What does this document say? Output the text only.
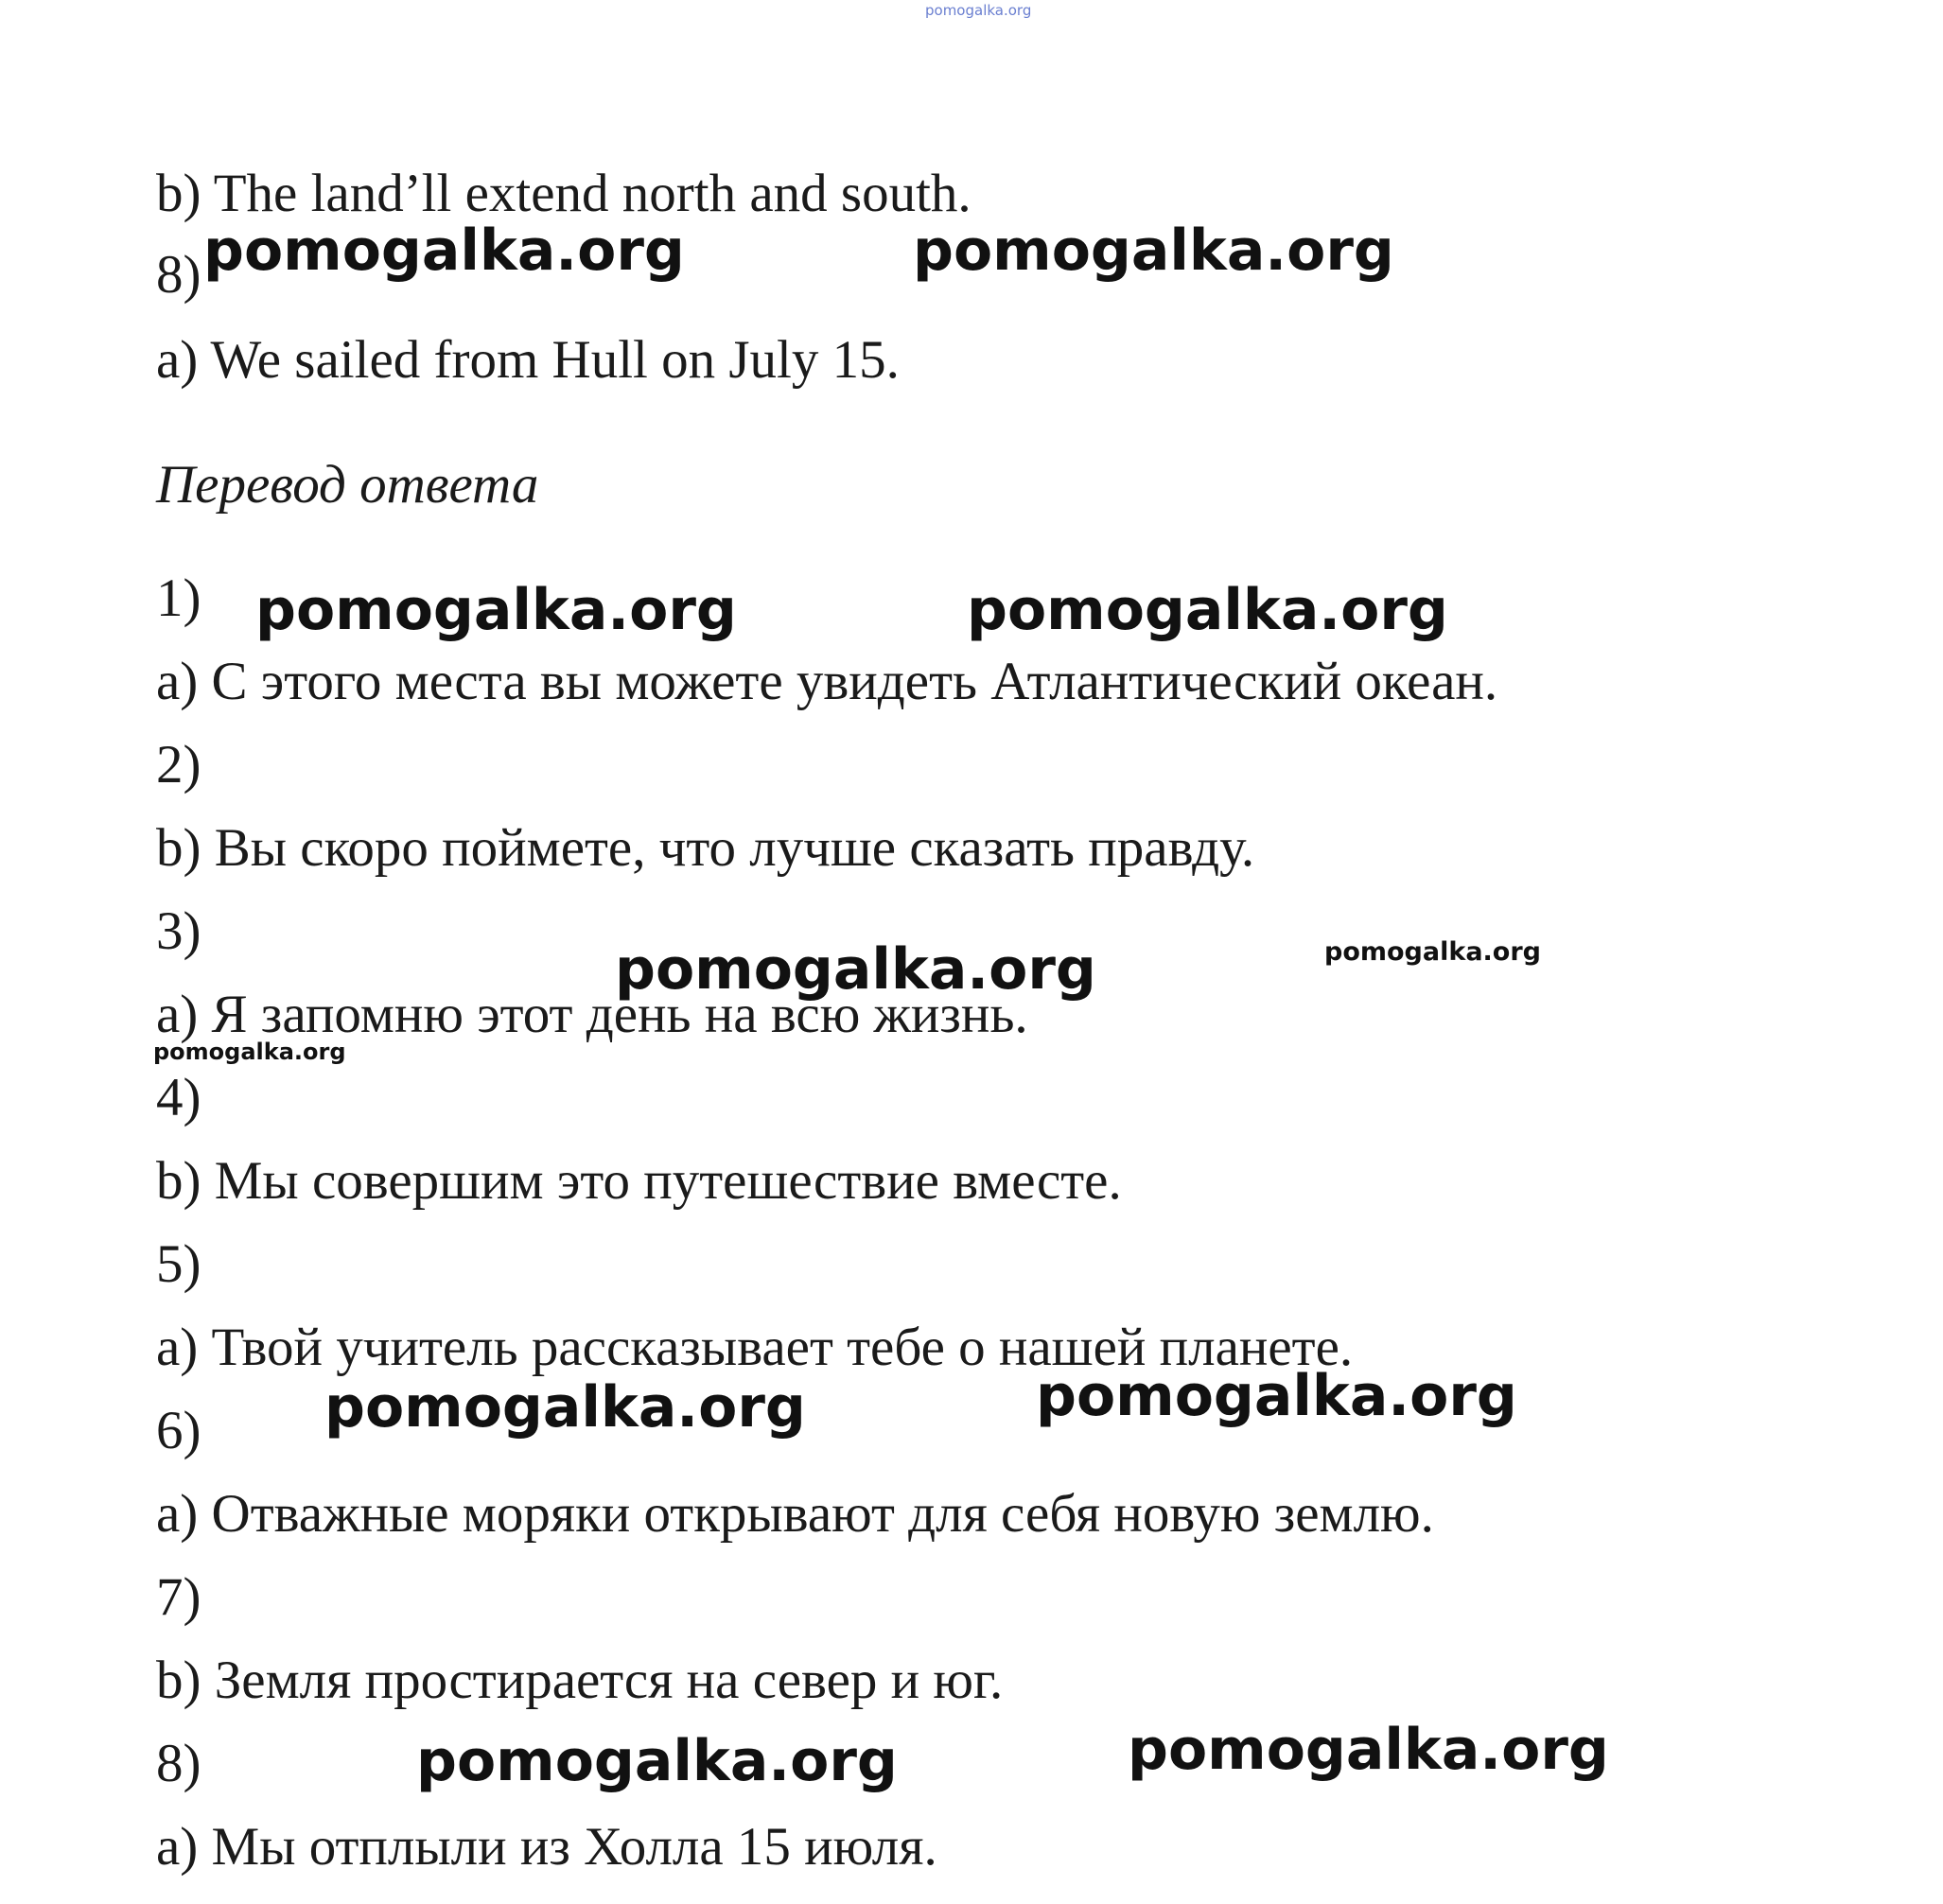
pomogalka.org
b) The land’ll extend north and south.
8)
a) We sailed from Hull on July 15.
Перевод ответа
1)
a) С этого места вы можете увидеть Атлантический океан.
2)
b) Вы скоро поймете, что лучше сказать правду.
3)
a) Я запомню этот день на всю жизнь.
4)
b) Мы совершим это путешествие вместе.
5)
a) Твой учитель рассказывает тебе о нашей планете.
6)
a) Отважные моряки открывают для себя новую землю.
7)
b) Земля простирается на север и юг.
8)
a) Мы отплыли из Холла 15 июля.
pomogalka.org	pomogalka.org
pomogalka.org	pomogalka.org
pomogalka.org	pomogalka.org
pomogalka.org
pomogalka.org	pomogalka.org
pomogalka.org	pomogalka.org
